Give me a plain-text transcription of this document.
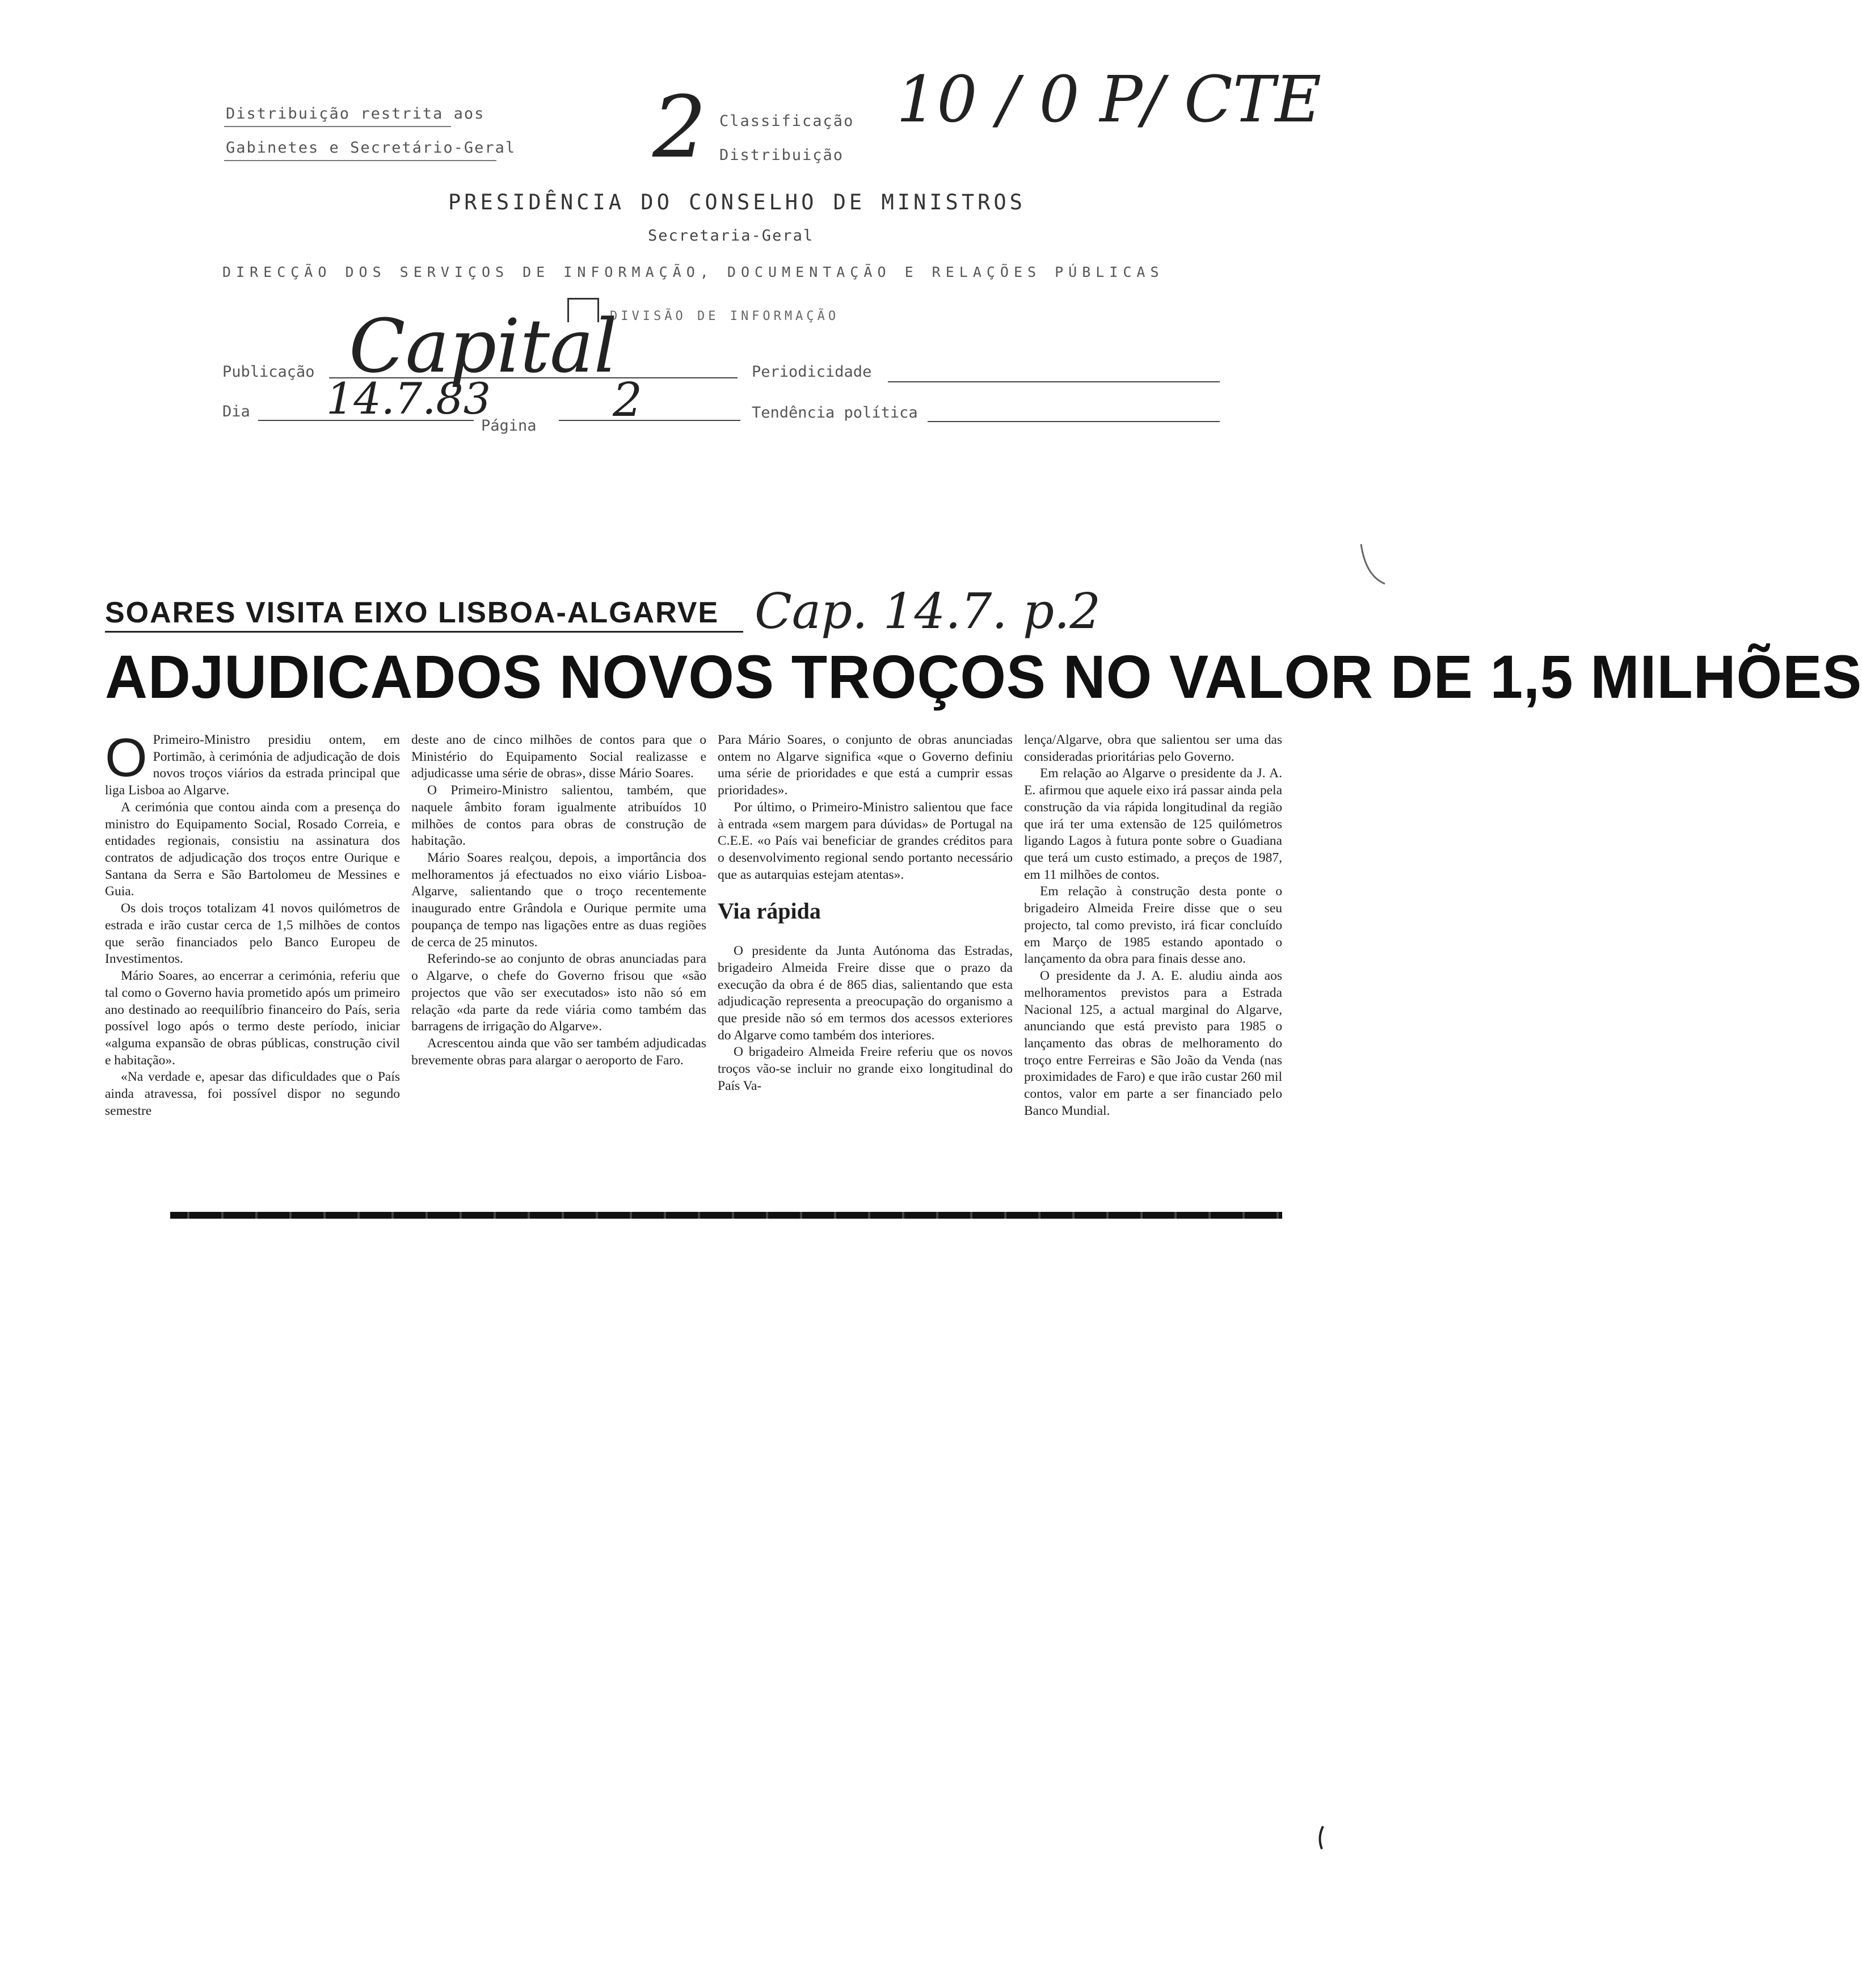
Distribuição restrita aos
Gabinetes e Secretário-Geral 2 Classificação
Distribuição
10 / 0 P/ CTE
PRESIDÊNCIA DO CONSELHO DE MINISTROS
Secretaria-Geral
DIRECÇÃO DOS SERVIÇOS DE INFORMAÇÃO, DOCUMENTAÇÃO E RELAÇÕES PÚBLICAS
DIVISÃO DE INFORMAÇÃO
Publicação Capital	Periodicidade
Dia 14.7.83
Página 2	Tendência política
SOARES VISITA EIXO LISBOA-ALGARVE Cap. 14.7. p.2
ADJUDICADOS NOVOS TROÇOS NO VALOR DE 1,5 MILHÕES

O Primeiro-Ministro presidiu ontem, em Portimão, à cerimónia de adjudicação de dois novos troços viários da estrada principal que liga Lisboa ao Algarve.

A cerimónia que contou ainda com a presença do ministro do Equipamento Social, Rosado Correia, e entidades regionais, consistiu na assinatura dos contratos de adjudicação dos troços entre Ourique e Santana da Serra e São Bartolomeu de Messines e Guia.

Os dois troços totalizam 41 novos quilómetros de estrada e irão custar cerca de 1,5 milhões de contos que serão financiados pelo Banco Europeu de Investimentos.

Mário Soares, ao encerrar a cerimónia, referiu que tal como o Governo havia prometido após um primeiro ano destinado ao reequilíbrio financeiro do País, seria possível logo após o termo deste período, iniciar «alguma expansão de obras públicas, construção civil e habitação».

«Na verdade e, apesar das dificuldades que o País ainda atravessa, foi possível dispor no segundo semestre

deste ano de cinco milhões de contos para que o Ministério do Equipamento Social realizasse e adjudicasse uma série de obras», disse Mário Soares.

O Primeiro-Ministro salientou, também, que naquele âmbito foram igualmente atribuídos 10 milhões de contos para obras de construção de habitação.

Mário Soares realçou, depois, a importância dos melhoramentos já efectuados no eixo viário Lisboa-Algarve, salientando que o troço recentemente inaugurado entre Grândola e Ourique permite uma poupança de tempo nas ligações entre as duas regiões de cerca de 25 minutos.

Referindo-se ao conjunto de obras anunciadas para o Algarve, o chefe do Governo frisou que «são projectos que vão ser executados» isto não só em relação «da parte da rede viária como também das barragens de irrigação do Algarve».

Acrescentou ainda que vão ser também adjudicadas brevemente obras para alargar o aeroporto de Faro.

Para Mário Soares, o conjunto de obras anunciadas ontem no Algarve significa «que o Governo definiu uma série de prioridades e que está a cumprir essas prioridades».

Por último, o Primeiro-Ministro salientou que face à entrada «sem margem para dúvidas» de Portugal na C.E.E. «o País vai beneficiar de grandes créditos para o desenvolvimento regional sendo portanto necessário que as autarquias estejam atentas».

Via rápida

O presidente da Junta Autónoma das Estradas, brigadeiro Almeida Freire disse que o prazo da execução da obra é de 865 dias, salientando que esta adjudicação representa a preocupação do organismo a que preside não só em termos dos acessos exteriores do Algarve como também dos interiores.

O brigadeiro Almeida Freire referiu que os novos troços vão-se incluir no grande eixo longitudinal do País Va-

lença/Algarve, obra que salientou ser uma das consideradas prioritárias pelo Governo.

Em relação ao Algarve o presidente da J. A. E. afirmou que aquele eixo irá passar ainda pela construção da via rápida longitudinal da região que irá ter uma extensão de 125 quilómetros ligando Lagos à futura ponte sobre o Guadiana que terá um custo estimado, a preços de 1987, em 11 milhões de contos.

Em relação à construção desta ponte o brigadeiro Almeida Freire disse que o seu projecto, tal como previsto, irá ficar concluído em Março de 1985 estando apontado o lançamento da obra para finais desse ano.

O presidente da J. A. E. aludiu ainda aos melhoramentos previstos para a Estrada Nacional 125, a actual marginal do Algarve, anunciando que está previsto para 1985 o lançamento das obras de melhoramento do troço entre Ferreiras e São João da Venda (nas proximidades de Faro) e que irão custar 260 mil contos, valor em parte a ser financiado pelo Banco Mundial.
